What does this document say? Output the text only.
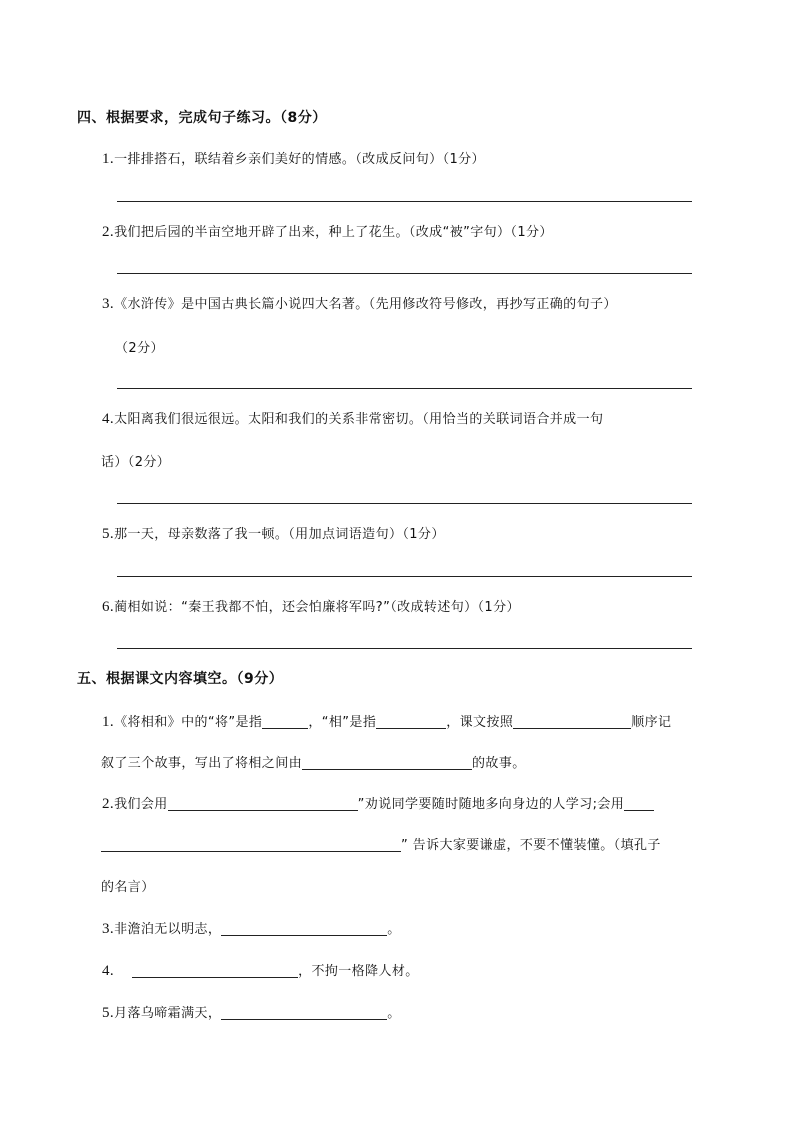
四、根据要求，完成句子练习。（8分）
1.一排排搭石，联结着乡亲们美好的情感。（改成反问句）（1分）
2.我们把后园的半亩空地开辟了出来，种上了花生。（改成“被”字句）（1分）
3.《水浒传》是中国古典长篇小说四大名著。（先用修改符号修改，再抄写正确的句子）
（2分）
4.太阳离我们很远很远。太阳和我们的关系非常密切。（用恰当的关联词语合并成一句
话）（2分）
5.那一天，母亲数落了我一顿。（用加点词语造句）（1分）
6.蔺相如说：“秦王我都不怕，还会怕廉将军吗?”（改成转述句）（1分）
五、根据课文内容填空。（9分）
1.《将相和》中的“将”是指	，“相”是指	，课文按照	顺序记
叙了三个故事，写出了将相之间由	的故事。
2.我们会用	”劝说同学要随时随地多向身边的人学习;会用
” 告诉大家要谦虚，不要不懂装懂。（填孔子
的名言）
3.非澹泊无以明志，	。
4.	，不拘一格降人材。
5.月落乌啼霜满天，	。
